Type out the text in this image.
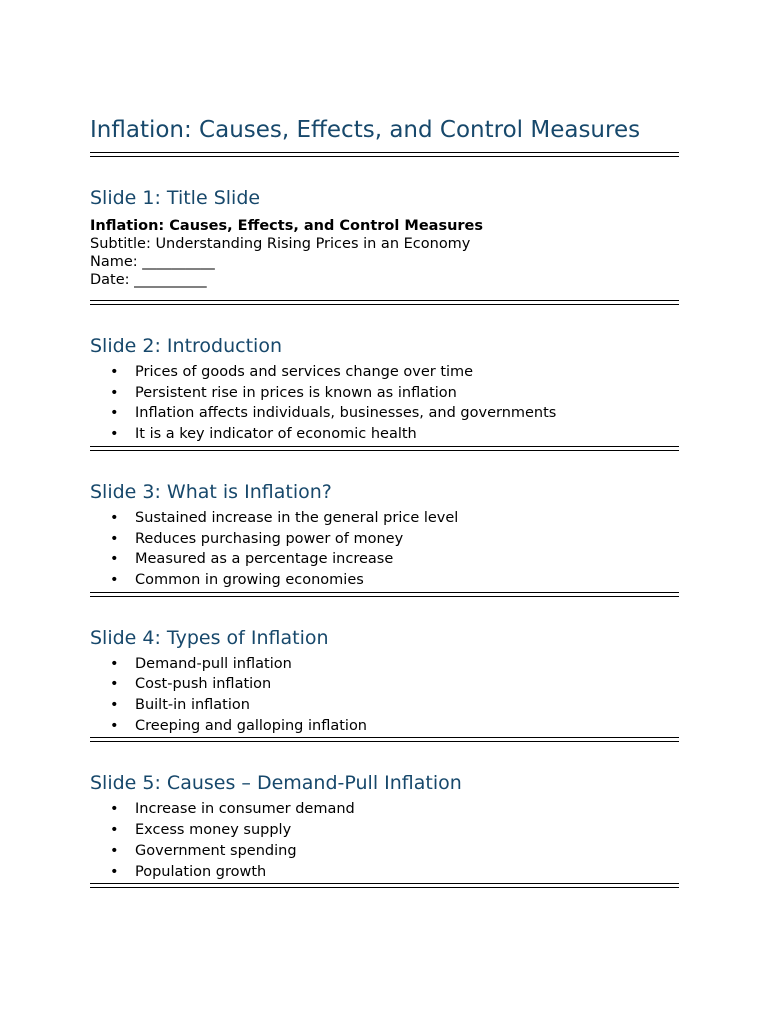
Inflation: Causes, Effects, and Control Measures
Slide 1: Title Slide
Inflation: Causes, Effects, and Control Measures
Subtitle: Understanding Rising Prices in an Economy
Name: __________
Date: __________
Slide 2: Introduction
• Prices of goods and services change over time
• Persistent rise in prices is known as inflation
• Inflation affects individuals, businesses, and governments
• It is a key indicator of economic health
Slide 3: What is Inflation?
• Sustained increase in the general price level
• Reduces purchasing power of money
• Measured as a percentage increase
• Common in growing economies
Slide 4: Types of Inflation
• Demand-pull inflation
• Cost-push inflation
• Built-in inflation
• Creeping and galloping inflation
Slide 5: Causes – Demand-Pull Inflation
• Increase in consumer demand
• Excess money supply
• Government spending
• Population growth
